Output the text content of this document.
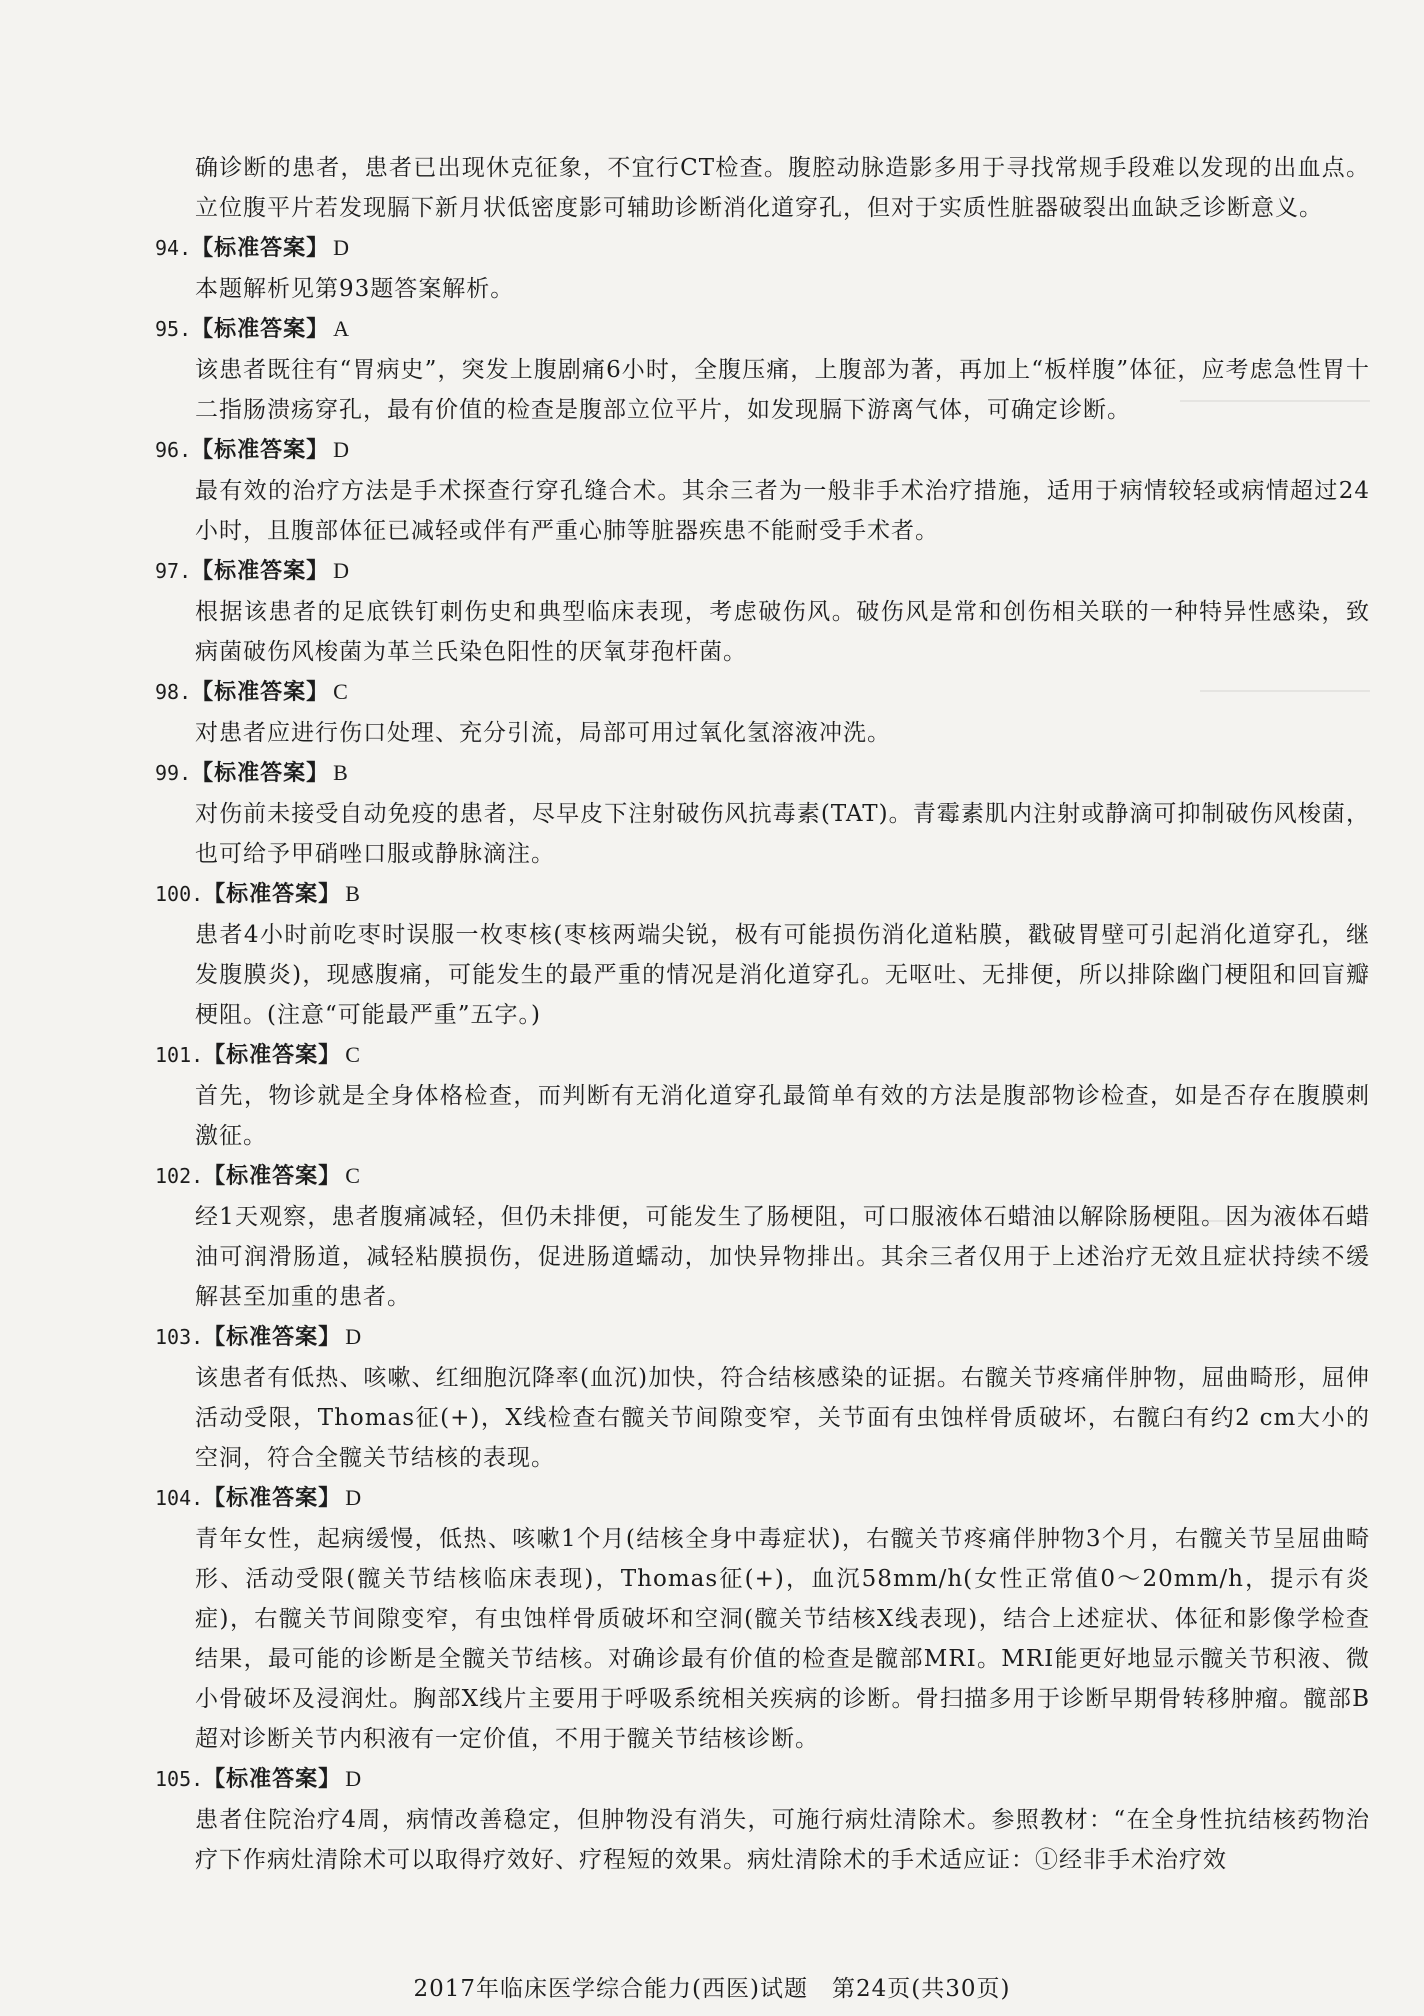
确诊断的患者，患者已出现休克征象，不宜行CT检查。腹腔动脉造影多用于寻找常规手段难以发现的出血点。立位腹平片若发现膈下新月状低密度影可辅助诊断消化道穿孔，但对于实质性脏器破裂出血缺乏诊断意义。
94.【标准答案】 D
本题解析见第93题答案解析。
95.【标准答案】 A
该患者既往有“胃病史”，突发上腹剧痛6小时，全腹压痛，上腹部为著，再加上“板样腹”体征，应考虑急性胃十二指肠溃疡穿孔，最有价值的检查是腹部立位平片，如发现膈下游离气体，可确定诊断。
96.【标准答案】 D
最有效的治疗方法是手术探查行穿孔缝合术。其余三者为一般非手术治疗措施，适用于病情较轻或病情超过24小时，且腹部体征已减轻或伴有严重心肺等脏器疾患不能耐受手术者。
97.【标准答案】 D
根据该患者的足底铁钉刺伤史和典型临床表现，考虑破伤风。破伤风是常和创伤相关联的一种特异性感染，致病菌破伤风梭菌为革兰氏染色阳性的厌氧芽孢杆菌。
98.【标准答案】 C
对患者应进行伤口处理、充分引流，局部可用过氧化氢溶液冲洗。
99.【标准答案】 B
对伤前未接受自动免疫的患者，尽早皮下注射破伤风抗毒素(TAT)。青霉素肌内注射或静滴可抑制破伤风梭菌，也可给予甲硝唑口服或静脉滴注。
100.【标准答案】 B
患者4小时前吃枣时误服一枚枣核(枣核两端尖锐，极有可能损伤消化道粘膜，戳破胃壁可引起消化道穿孔，继发腹膜炎)，现感腹痛，可能发生的最严重的情况是消化道穿孔。无呕吐、无排便，所以排除幽门梗阻和回盲瓣梗阻。(注意“可能最严重”五字。)
101.【标准答案】 C
首先，物诊就是全身体格检查，而判断有无消化道穿孔最简单有效的方法是腹部物诊检查，如是否存在腹膜刺激征。
102.【标准答案】 C
经1天观察，患者腹痛减轻，但仍未排便，可能发生了肠梗阻，可口服液体石蜡油以解除肠梗阻。因为液体石蜡油可润滑肠道，减轻粘膜损伤，促进肠道蠕动，加快异物排出。其余三者仅用于上述治疗无效且症状持续不缓解甚至加重的患者。
103.【标准答案】 D
该患者有低热、咳嗽、红细胞沉降率(血沉)加快，符合结核感染的证据。右髋关节疼痛伴肿物，屈曲畸形，屈伸活动受限，Thomas征(+)，X线检查右髋关节间隙变窄，关节面有虫蚀样骨质破坏，右髋臼有约2 cm大小的空洞，符合全髋关节结核的表现。
104.【标准答案】 D
青年女性，起病缓慢，低热、咳嗽1个月(结核全身中毒症状)，右髋关节疼痛伴肿物3个月，右髋关节呈屈曲畸形、活动受限(髋关节结核临床表现)，Thomas征(+)，血沉58mm/h(女性正常值0～20mm/h，提示有炎症)，右髋关节间隙变窄，有虫蚀样骨质破坏和空洞(髋关节结核X线表现)，结合上述症状、体征和影像学检查结果，最可能的诊断是全髋关节结核。对确诊最有价值的检查是髋部MRI。MRI能更好地显示髋关节积液、微小骨破坏及浸润灶。胸部X线片主要用于呼吸系统相关疾病的诊断。骨扫描多用于诊断早期骨转移肿瘤。髋部B超对诊断关节内积液有一定价值，不用于髋关节结核诊断。
105.【标准答案】 D
患者住院治疗4周，病情改善稳定，但肿物没有消失，可施行病灶清除术。参照教材：“在全身性抗结核药物治疗下作病灶清除术可以取得疗效好、疗程短的效果。病灶清除术的手术适应证：①经非手术治疗效
2017年临床医学综合能力(西医)试题 第24页(共30页)
